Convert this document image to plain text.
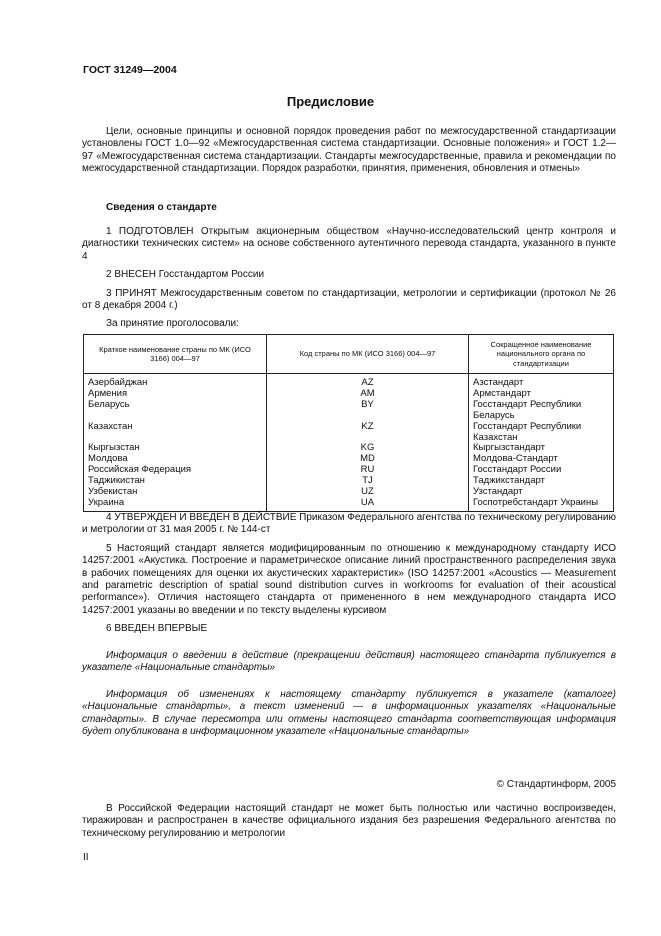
ГОСТ 31249—2004
Предисловие

Цели, основные принципы и основной порядок проведения работ по межгосударственной стандартизации установлены ГОСТ 1.0—92 «Межгосударственная система стандартизации. Основные положения» и ГОСТ 1.2—97 «Межгосударственная система стандартизации. Стандарты межгосударственные, правила и рекомендации по межгосударственной стандартизации. Порядок разработки, принятия, применения, обновления и отмены»

Сведения о стандарте

1 ПОДГОТОВЛЕН Открытым акционерным обществом «Научно-исследовательский центр контроля и диагностики технических систем» на основе собственного аутентичного перевода стандарта, указанного в пункте 4

2 ВНЕСЕН Госстандартом России

3 ПРИНЯТ Межгосударственным советом по стандартизации, метрологии и сертификации (протокол № 26 от 8 декабря 2004 г.)

За принятие проголосовали:

Краткое наименование страны по МК (ИСО 3166) 004—97	Код страны по МК (ИСО 3166) 004—97	Сокращенное наименование национального органа по стандартизации
Азербайджан	AZ	Азстандарт
Армения	AM	Армстандарт
Беларусь	BY	Госстандарт Республики Беларусь
Казахстан	KZ	Госстандарт Республики Казахстан
Кыргызстан	KG	Кыргызстандарт
Молдова	MD	Молдова-Стандарт
Российская Федерация	RU	Госстандарт России
Таджикистан	TJ	Таджикстандарт
Узбекистан	UZ	Узстандарт
Украина	UA	Госпотребстандарт Украины

4 УТВЕРЖДЕН И ВВЕДЕН В ДЕЙСТВИЕ Приказом Федерального агентства по техническому регулированию и метрологии от 31 мая 2005 г. № 144-ст

5 Настоящий стандарт является модифицированным по отношению к международному стандарту ИСО 14257:2001 «Акустика. Построение и параметрическое описание линий пространственного распределения звука в рабочих помещениях для оценки их акустических характеристик» (ISO 14257:2001 «Acoustics — Measurement and parametric description of spatial sound distribution curves in workrooms for evaluation of their acoustical performance»). Отличия настоящего стандарта от примененного в нем международного стандарта ИСО 14257:2001 указаны во введении и по тексту выделены курсивом

6 ВВЕДЕН ВПЕРВЫЕ

Информация о введении в действие (прекращении действия) настоящего стандарта публикуется в указателе «Национальные стандарты»

Информация об изменениях к настоящему стандарту публикуется в указателе (каталоге) «Национальные стандарты», а текст изменений — в информационных указателях «Национальные стандарты». В случае пересмотра или отмены настоящего стандарта соответствующая информация будет опубликована в информационном указателе «Национальные стандарты»

© Стандартинформ, 2005

В Российской Федерации настоящий стандарт не может быть полностью или частично воспроизведен, тиражирован и распространен в качестве официального издания без разрешения Федерального агентства по техническому регулированию и метрологии

II
